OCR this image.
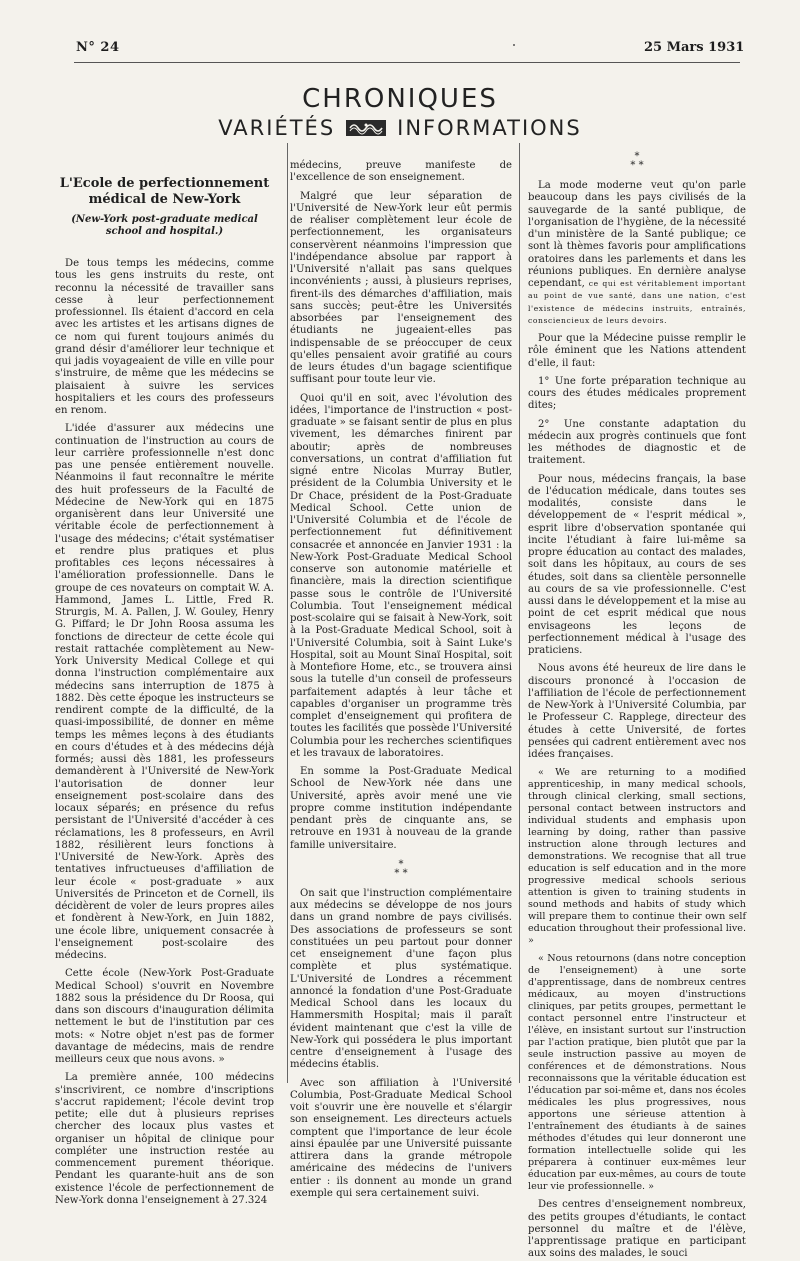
N° 24	25 Mars 1931
CHRONIQUES
VARIÉTÉS	INFORMATIONS
L'Ecole de perfectionnement médical de New-York
(New-York post-graduate medical school and hospital.)

De tous temps les médecins, comme tous les gens instruits du reste, ont reconnu la nécessité de travailler sans cesse à leur perfectionnement professionnel. Ils étaient d'accord en cela avec les artistes et les artisans dignes de ce nom qui furent toujours animés du grand désir d'améliorer leur technique et qui jadis voyageaient de ville en ville pour s'instruire, de même que les médecins se plaisaient à suivre les services hospitaliers et les cours des professeurs en renom.

L'idée d'assurer aux médecins une continuation de l'instruction au cours de leur carrière professionnelle n'est donc pas une pensée entièrement nouvelle. Néanmoins il faut reconnaître le mérite des huit professeurs de la Faculté de Médecine de New-York qui en 1875 organisèrent dans leur Université une véritable école de perfectionnement à l'usage des médecins; c'était systématiser et rendre plus pratiques et plus profitables ces leçons nécessaires à l'amélioration professionnelle. Dans le groupe de ces novateurs on comptait W. A. Hammond, James L. Little, Fred R. Strurgis, M. A. Pallen, J. W. Gouley, Henry G. Piffard; le Dr John Roosa assuma les fonctions de directeur de cette école qui restait rattachée complètement au New-York University Medical College et qui donna l'instruction complémentaire aux médecins sans interruption de 1875 à 1882. Dès cette époque les instructeurs se rendirent compte de la difficulté, de la quasi-impossibilité, de donner en même temps les mêmes leçons à des étudiants en cours d'études et à des médecins déjà formés; aussi dès 1881, les professeurs demandèrent à l'Université de New-York l'autorisation de donner leur enseignement post-scolaire dans des locaux séparés; en présence du refus persistant de l'Université d'accéder à ces réclamations, les 8 professeurs, en Avril 1882, résilièrent leurs fonctions à l'Université de New-York. Après des tentatives infructueuses d'affiliation de leur école « post-graduate » aux Universités de Princeton et de Cornell, ils décidèrent de voler de leurs propres ailes et fondèrent à New-York, en Juin 1882, une école libre, uniquement consacrée à l'enseignement post-scolaire des médecins.

Cette école (New-York Post-Graduate Medical School) s'ouvrit en Novembre 1882 sous la présidence du Dr Roosa, qui dans son discours d'inauguration délimita nettement le but de l'institution par ces mots: « Notre objet n'est pas de former davantage de médecins, mais de rendre meilleurs ceux que nous avons. »

La première année, 100 médecins s'inscrivirent, ce nombre d'inscriptions s'accrut rapidement; l'école devint trop petite; elle dut à plusieurs reprises chercher des locaux plus vastes et organiser un hôpital de clinique pour compléter une instruction restée au commencement purement théorique. Pendant les quarante-huit ans de son existence l'école de perfectionnement de New-York donna l'enseignement à 27.324

médecins, preuve manifeste de l'excellence de son enseignement.

Malgré que leur séparation de l'Université de New-York leur eût permis de réaliser complètement leur école de perfectionnement, les organisateurs conservèrent néanmoins l'impression que l'indépendance absolue par rapport à l'Université n'allait pas sans quelques inconvénients ; aussi, à plusieurs reprises, firent-ils des démarches d'affiliation, mais sans succès; peut-être les Universités absorbées par l'enseignement des étudiants ne jugeaient-elles pas indispensable de se préoccuper de ceux qu'elles pensaient avoir gratifié au cours de leurs études d'un bagage scientifique suffisant pour toute leur vie.

Quoi qu'il en soit, avec l'évolution des idées, l'importance de l'instruction « post-graduate » se faisant sentir de plus en plus vivement, les démarches finirent par aboutir; après de nombreuses conversations, un contrat d'affiliation fut signé entre Nicolas Murray Butler, président de la Columbia University et le Dr Chace, président de la Post-Graduate Medical School. Cette union de l'Université Columbia et de l'école de perfectionnement fut définitivement consacrée et annoncée en Janvier 1931 : la New-York Post-Graduate Medical School conserve son autonomie matérielle et financière, mais la direction scientifique passe sous le contrôle de l'Université Columbia. Tout l'enseignement médical post-scolaire qui se faisait à New-York, soit à la Post-Graduate Medical School, soit à l'Université Columbia, soit à Saint Luke's Hospital, soit au Mount Sinaï Hospital, soit à Montefiore Home, etc., se trouvera ainsi sous la tutelle d'un conseil de professeurs parfaitement adaptés à leur tâche et capables d'organiser un programme très complet d'enseignement qui profitera de toutes les facilités que possède l'Université Columbia pour les recherches scientifiques et les travaux de laboratoires.

En somme la Post-Graduate Medical School de New-York née dans une Université, après avoir mené une vie propre comme institution indépendante pendant près de cinquante ans, se retrouve en 1931 à nouveau de la grande famille universitaire.

*
* *

On sait que l'instruction complémentaire aux médecins se développe de nos jours dans un grand nombre de pays civilisés. Des associations de professeurs se sont constituées un peu partout pour donner cet enseignement d'une façon plus complète et plus systématique. L'Université de Londres a récemment annoncé la fondation d'une Post-Graduate Medical School dans les locaux du Hammersmith Hospital; mais il paraît évident maintenant que c'est la ville de New-York qui possédera le plus important centre d'enseignement à l'usage des médecins établis.

Avec son affiliation à l'Université Columbia, Post-Graduate Medical School voit s'ouvrir une ère nouvelle et s'élargir son enseignement. Les directeurs actuels comptent que l'importance de leur école ainsi épaulée par une Université puissante attirera dans la grande métropole américaine des médecins de l'univers entier : ils donnent au monde un grand exemple qui sera certainement suivi.

*
* *

La mode moderne veut qu'on parle beaucoup dans les pays civilisés de la sauvegarde de la santé publique, de l'organisation de l'hygiène, de la nécessité d'un ministère de la Santé publique; ce sont là thèmes favoris pour amplifications oratoires dans les parlements et dans les réunions publiques. En dernière analyse cependant, ce qui est véritablement important au point de vue santé, dans une nation, c'est l'existence de médecins instruits, entraînés, consciencieux de leurs devoirs.

Pour que la Médecine puisse remplir le rôle éminent que les Nations attendent d'elle, il faut:

1° Une forte préparation technique au cours des études médicales proprement dites;

2° Une constante adaptation du médecin aux progrès continuels que font les méthodes de diagnostic et de traitement.

Pour nous, médecins français, la base de l'éducation médicale, dans toutes ses modalités, consiste dans le développement de « l'esprit médical », esprit libre d'observation spontanée qui incite l'étudiant à faire lui-même sa propre éducation au contact des malades, soit dans les hôpitaux, au cours de ses études, soit dans sa clientèle personnelle au cours de sa vie professionnelle. C'est aussi dans le développement et la mise au point de cet esprit médical que nous envisageons les leçons de perfectionnement médical à l'usage des praticiens.

Nous avons été heureux de lire dans le discours prononcé à l'occasion de l'affiliation de l'école de perfectionnement de New-York à l'Université Columbia, par le Professeur C. Rapplege, directeur des études à cette Université, de fortes pensées qui cadrent entièrement avec nos idées françaises.

« We are returning to a modified apprenticeship, in many medical schools, through clinical clerking, small sections, personal contact between instructors and individual students and emphasis upon learning by doing, rather than passive instruction alone through lectures and demonstrations. We recognise that all true education is self education and in the more progressive medical schools serious attention is given to training students in sound methods and habits of study which will prepare them to continue their own self education throughout their professional live. »

« Nous retournons (dans notre conception de l'enseignement) à une sorte d'apprentissage, dans de nombreux centres médicaux, au moyen d'instructions cliniques, par petits groupes, permettant le contact personnel entre l'instructeur et l'élève, en insistant surtout sur l'instruction par l'action pratique, bien plutôt que par la seule instruction passive au moyen de conférences et de démonstrations. Nous reconnaissons que la véritable éducation est l'éducation par soi-même et, dans nos écoles médicales les plus progressives, nous apportons une sérieuse attention à l'entraînement des étudiants à de saines méthodes d'études qui leur donneront une formation intellectuelle solide qui les préparera à continuer eux-mêmes leur éducation par eux-mêmes, au cours de toute leur vie professionnelle. »

Des centres d'enseignement nombreux, des petits groupes d'étudiants, le contact personnel du maître et de l'élève, l'apprentissage pratique en participant aux soins des malades, le souci
